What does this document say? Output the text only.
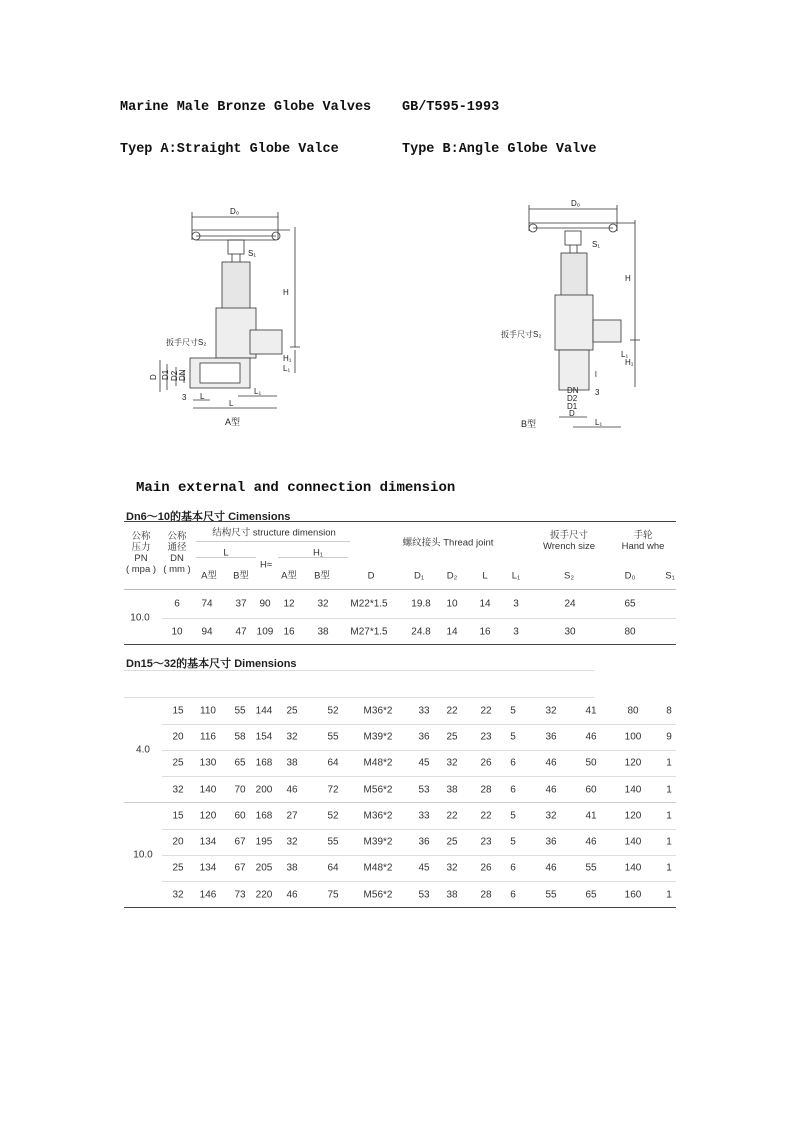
Marine Male Bronze Globe Valves GB/T595-1993
Tyep A:Straight Globe Valce	Type B:Angle Globe Valve
D₀
S₁
H
扳手尺寸S₂
H₁
L₁
D D1 D2 DN
3 L
L
L₁
A型
D₀
S₁
H
扳手尺寸S₂
L₁
H₁
l
3
DN
D2
D1
D
L₁
B型
Main external and connection dimension
Dn6～10的基本尺寸 Cimensions
公称
压力
PN
( mpa )
公称
通径
DN
( mm )
结构尺寸 structure dimension
L
H≈
H₁
A型 B型	A型 B型
螺纹接头 Thread joint
D	D₁ D₂	L	L₁
扳手尺寸
Wrench size
S₂
手轮
Hand whe
D₀	S₁
10.0
6 74 37 90 12 32 M22*1.5 19.8 10 14 3	24	65
10 94 47 109 16 38 M27*1.5 24.8 14 16 3	30	80
Dn15～32的基本尺寸 Dimensions
4.0
15 110 55 144 25	52 M36*2	33 22 22 5	32	41	80	8
20 116 58 154 32	55 M39*2	36 25 23 5	36	46	100 9
25 130 65 168 38	64 M48*2	45 32 26 6	46	50	120 1
32 140 70 200 46	72 M56*2	53 38 28 6	46	60	140 1
10.0
15 120 60 168 27	52 M36*2	33 22 22 5	32	41	120 1
20 134 67 195 32	55 M39*2	36 25 23 5	36	46	140 1
25 134 67 205 38	64 M48*2	45 32 26 6	46	55	140 1
32 146 73 220 46	75 M56*2	53 38 28 6	55	65	160 1
